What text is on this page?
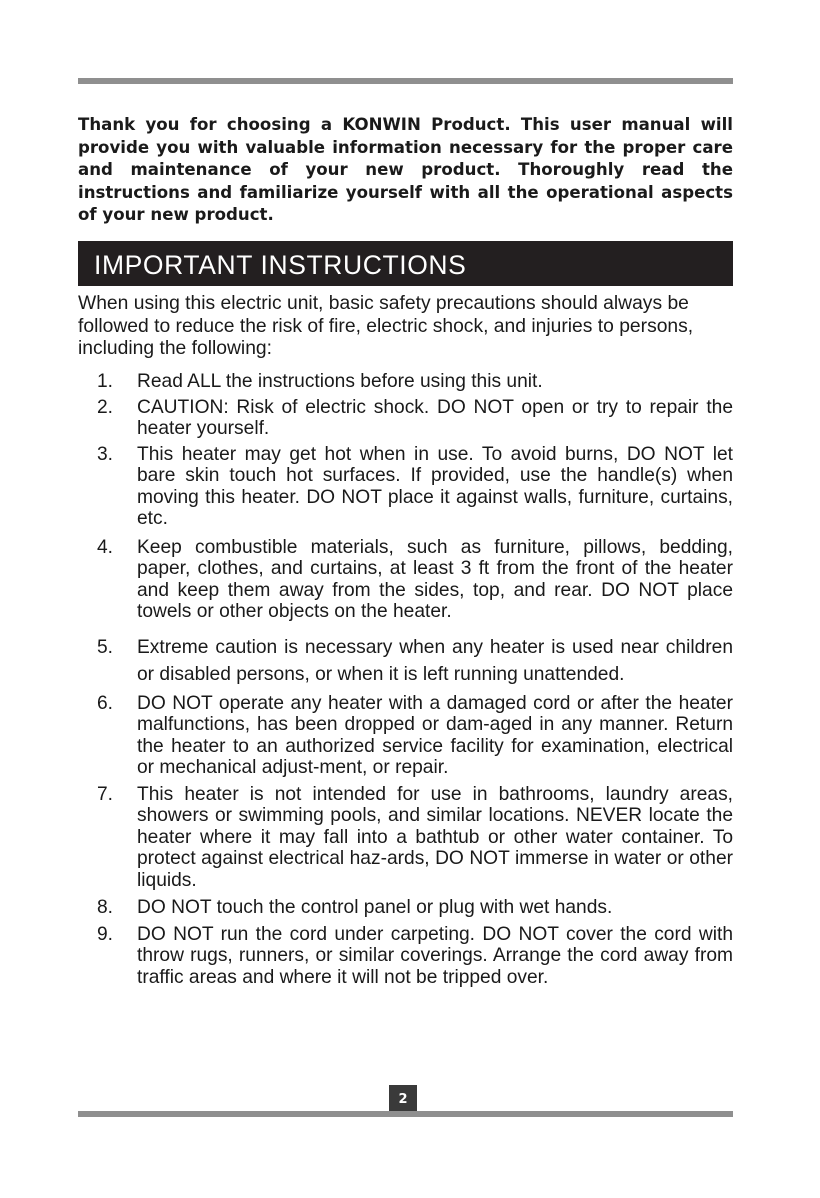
Thank you for choosing a KONWIN Product. This user manual will provide you with valuable information necessary for the proper care and maintenance of your new product. Thoroughly read the instructions and familiarize yourself with all the operational aspects of your new product.
IMPORTANT INSTRUCTIONS
When using this electric unit, basic safety precautions should always be followed to reduce the risk of fire, electric shock, and injuries to persons, including the following:
1. Read ALL the instructions before using this unit.
2. CAUTION: Risk of electric shock. DO NOT open or try to repair the heater yourself.
3. This heater may get hot when in use. To avoid burns, DO NOT let bare skin touch hot surfaces. If provided, use the handle(s) when moving this heater. DO NOT place it against walls, furniture, curtains, etc.
4. Keep combustible materials, such as furniture, pillows, bedding, paper, clothes, and curtains, at least 3 ft from the front of the heater and keep them away from the sides, top, and rear. DO NOT place towels or other objects on the heater.
5. Extreme caution is necessary when any heater is used near children or disabled persons, or when it is left running unattended.
6. DO NOT operate any heater with a damaged cord or after the heater malfunctions, has been dropped or dam-aged in any manner. Return the heater to an authorized service facility for examination, electrical or mechanical adjust-ment, or repair.
7. This heater is not intended for use in bathrooms, laundry areas, showers or swimming pools, and similar locations. NEVER locate the heater where it may fall into a bathtub or other water container. To protect against electrical haz-ards, DO NOT immerse in water or other liquids.
8. DO NOT touch the control panel or plug with wet hands.
9. DO NOT run the cord under carpeting. DO NOT cover the cord with throw rugs, runners, or similar coverings. Arrange the cord away from traffic areas and where it will not be tripped over.
2
